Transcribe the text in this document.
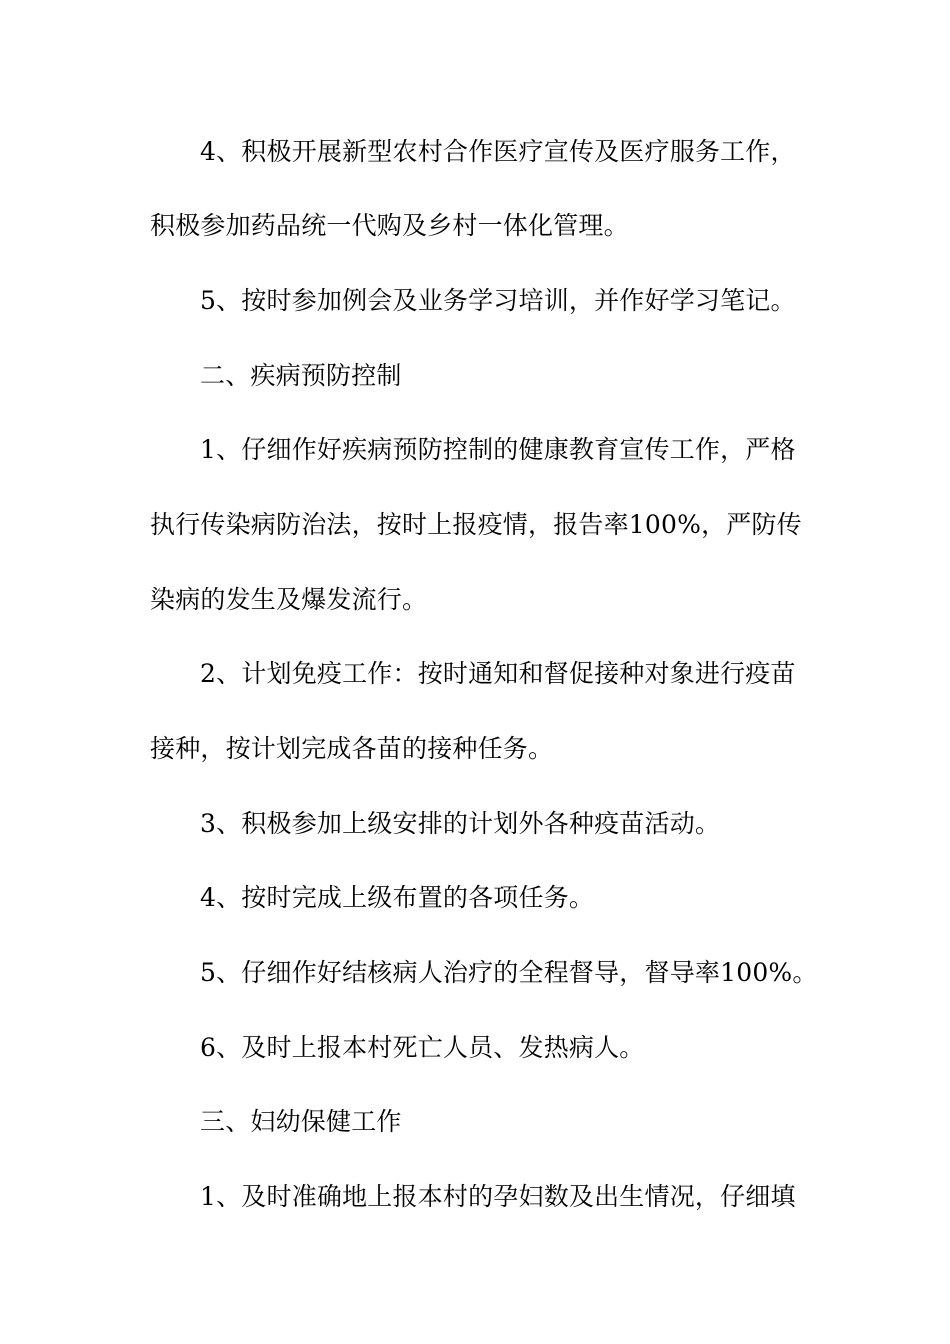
4、积极开展新型农村合作医疗宣传及医疗服务工作，
积极参加药品统一代购及乡村一体化管理。
5、按时参加例会及业务学习培训，并作好学习笔记。
二、疾病预防控制
1、仔细作好疾病预防控制的健康教育宣传工作，严格
执行传染病防治法，按时上报疫情，报告率100%，严防传
染病的发生及爆发流行。
2、计划免疫工作：按时通知和督促接种对象进行疫苗
接种，按计划完成各苗的接种任务。
3、积极参加上级安排的计划外各种疫苗活动。
4、按时完成上级布置的各项任务。
5、仔细作好结核病人治疗的全程督导，督导率100%。
6、及时上报本村死亡人员、发热病人。
三、妇幼保健工作
1、及时准确地上报本村的孕妇数及出生情况，仔细填
